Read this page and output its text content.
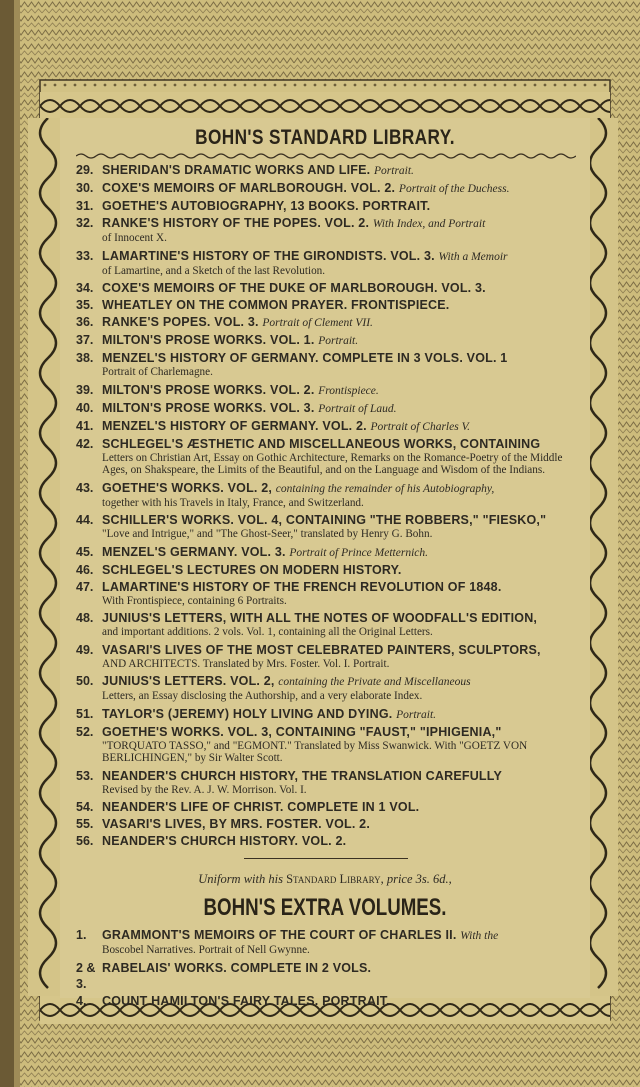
BOHN'S STANDARD LIBRARY.
29. SHERIDAN'S DRAMATIC WORKS AND LIFE. Portrait.
30. COXE'S MEMOIRS OF MARLBOROUGH. VOL. 2. Portrait of the Duchess.
31. GOETHE'S AUTOBIOGRAPHY, 13 BOOKS. PORTRAIT.
32. RANKE'S HISTORY OF THE POPES. VOL. 2. With Index, and Portrait
of Innocent X.
33. LAMARTINE'S HISTORY OF THE GIRONDISTS. VOL. 3. With a Memoir
of Lamartine, and a Sketch of the last Revolution.
34. COXE'S MEMOIRS OF THE DUKE OF MARLBOROUGH. VOL. 3.
35. WHEATLEY ON THE COMMON PRAYER. FRONTISPIECE.
36. RANKE'S POPES. VOL. 3. Portrait of Clement VII.
37. MILTON'S PROSE WORKS. VOL. 1. Portrait.
38. MENZEL'S HISTORY OF GERMANY. COMPLETE IN 3 VOLS. VOL. 1
Portrait of Charlemagne.
39. MILTON'S PROSE WORKS. VOL. 2. Frontispiece.
40. MILTON'S PROSE WORKS. VOL. 3. Portrait of Laud.
41. MENZEL'S HISTORY OF GERMANY. VOL. 2. Portrait of Charles V.
42. SCHLEGEL'S ÆSTHETIC AND MISCELLANEOUS WORKS, CONTAINING
Letters on Christian Art, Essay on Gothic Architecture, Remarks on the Romance-Poetry of the Middle Ages, on Shakspeare, the Limits of the Beautiful, and on the Language and Wisdom of the Indians.
43. GOETHE'S WORKS. VOL. 2, containing the remainder of his Autobiography,
together with his Travels in Italy, France, and Switzerland.
44. SCHILLER'S WORKS. VOL. 4, CONTAINING "THE ROBBERS," "FIESKO,"
"Love and Intrigue," and "The Ghost-Seer," translated by Henry G. Bohn.
45. MENZEL'S GERMANY. VOL. 3. Portrait of Prince Metternich.
46. SCHLEGEL'S LECTURES ON MODERN HISTORY.
47. LAMARTINE'S HISTORY OF THE FRENCH REVOLUTION OF 1848.
With Frontispiece, containing 6 Portraits.
48. JUNIUS'S LETTERS, WITH ALL THE NOTES OF WOODFALL'S EDITION,
and important additions. 2 vols. Vol. 1, containing all the Original Letters.
49. VASARI'S LIVES OF THE MOST CELEBRATED PAINTERS, SCULPTORS,
AND ARCHITECTS. Translated by Mrs. Foster. Vol. I. Portrait.
50. JUNIUS'S LETTERS. VOL. 2, containing the Private and Miscellaneous
Letters, an Essay disclosing the Authorship, and a very elaborate Index.
51. TAYLOR'S (JEREMY) HOLY LIVING AND DYING. Portrait.
52. GOETHE'S WORKS. VOL. 3, CONTAINING "FAUST," "IPHIGENIA,"
"TORQUATO TASSO," and "EGMONT." Translated by Miss Swanwick. With "GOETZ VON BERLICHINGEN," by Sir Walter Scott.
53. NEANDER'S CHURCH HISTORY, THE TRANSLATION CAREFULLY
Revised by the Rev. A. J. W. Morrison. Vol. I.
54. NEANDER'S LIFE OF CHRIST. COMPLETE IN 1 VOL.
55. VASARI'S LIVES, BY MRS. FOSTER. VOL. 2.
56. NEANDER'S CHURCH HISTORY. VOL. 2.
Uniform with his Standard Library, price 3s. 6d.,
BOHN'S EXTRA VOLUMES.
1.	GRAMMONT'S MEMOIRS OF THE COURT OF CHARLES II. With the
Boscobel Narratives. Portrait of Nell Gwynne.
2 & 3.
RABELAIS' WORKS. COMPLETE IN 2 VOLS.
4.	COUNT HAMILTON'S FAIRY TALES. PORTRAIT.
